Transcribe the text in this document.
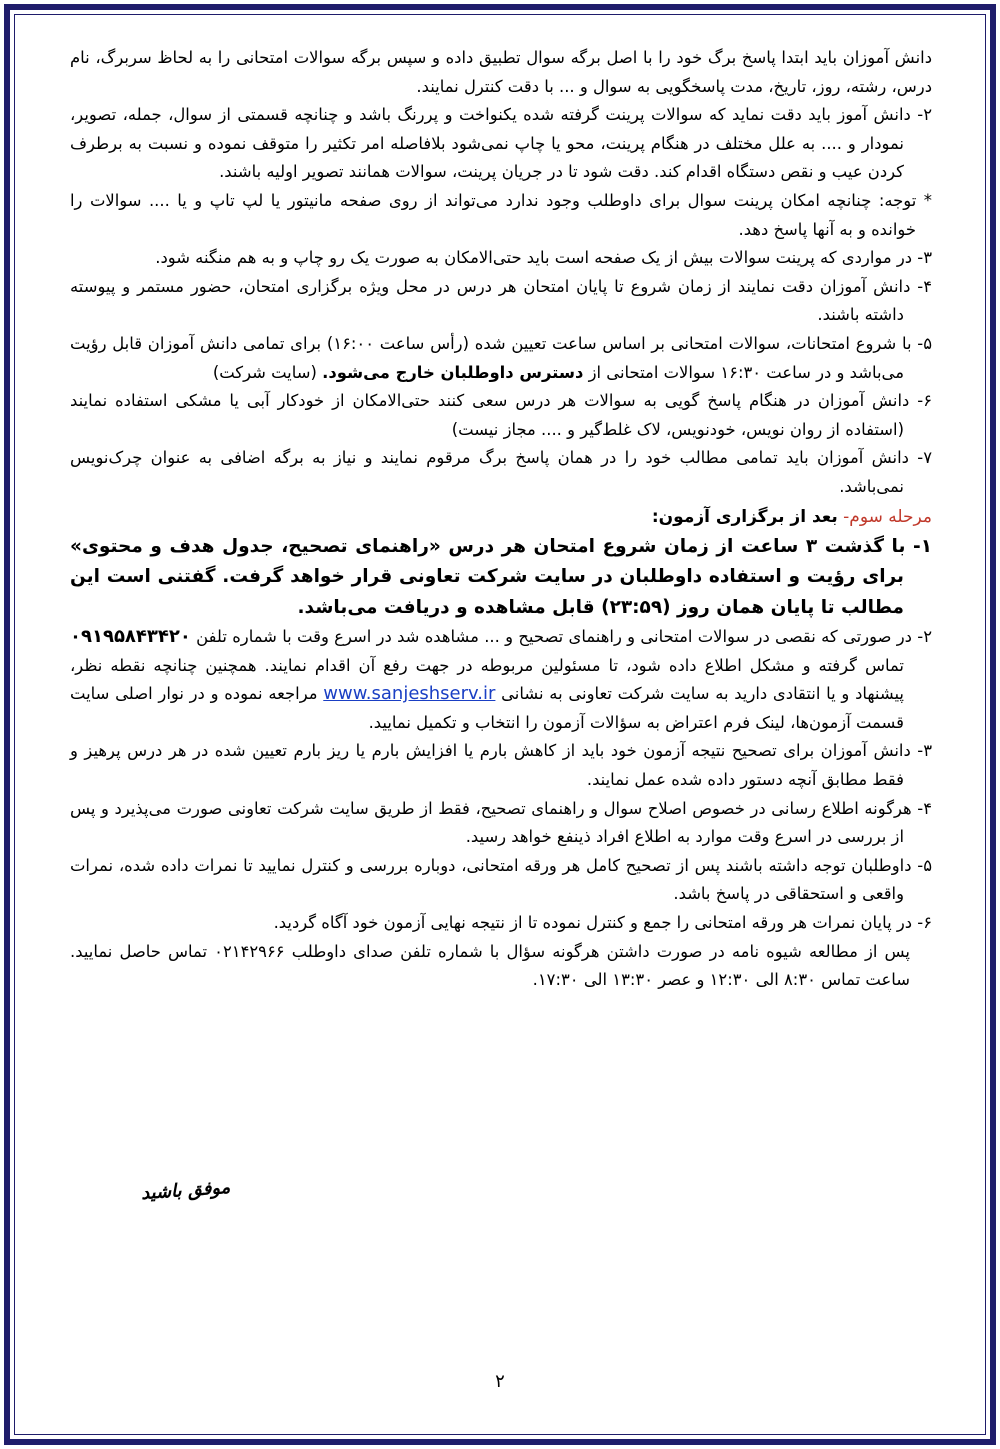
دانش آموزان باید ابتدا پاسخ برگ خود را با اصل برگه سوال تطبیق داده و سپس برگه سوالات امتحانی را به لحاظ سربرگ، نام درس، رشته، روز، تاریخ، مدت پاسخگویی به سوال و ... با دقت کنترل نمایند.

۲- دانش آموز باید دقت نماید که سوالات پرینت گرفته شده یکنواخت و پررنگ باشد و چنانچه قسمتی از سوال، جمله، تصویر، نمودار و .... به علل مختلف در هنگام پرینت، محو یا چاپ نمی‌شود بلافاصله امر تکثیر را متوقف نموده و نسبت به برطرف کردن عیب و نقص دستگاه اقدام کند. دقت شود تا در جریان پرینت، سوالات همانند تصویر اولیه باشند.

* توجه: چنانچه امکان پرینت سوال برای داوطلب وجود ندارد می‌تواند از روی صفحه مانیتور یا لپ تاپ و یا .... سوالات را خوانده و به آنها پاسخ دهد.

۳- در مواردی که پرینت سوالات بیش از یک صفحه است باید حتی‌الامکان به صورت یک رو چاپ و به هم منگنه شود.

۴- دانش آموزان دقت نمایند از زمان شروع تا پایان امتحان هر درس در محل ویژه برگزاری امتحان، حضور مستمر و پیوسته داشته باشند.

۵- با شروع امتحانات، سوالات امتحانی بر اساس ساعت تعیین شده (رأس ساعت ۱۶:۰۰) برای تمامی دانش آموزان قابل رؤیت می‌باشد و در ساعت ۱۶:۳۰ سوالات امتحانی از دسترس داوطلبان خارج می‌شود. (سایت شرکت)

۶- دانش آموزان در هنگام پاسخ گویی به سوالات هر درس سعی کنند حتی‌الامکان از خودکار آبی یا مشکی استفاده نمایند (استفاده از روان نویس، خودنویس، لاک غلط‌گیر و .... مجاز نیست)

۷- دانش آموزان باید تمامی مطالب خود را در همان پاسخ برگ مرقوم نمایند و نیاز به برگه اضافی به عنوان چرک‌نویس نمی‌باشد.

مرحله سوم- بعد از برگزاری آزمون:

۱- با گذشت ۳ ساعت از زمان شروع امتحان هر درس «راهنمای تصحیح، جدول هدف و محتوی» برای رؤیت و استفاده داوطلبان در سایت شرکت تعاونی قرار خواهد گرفت. گفتنی است این مطالب تا پایان همان روز (۲۳:۵۹) قابل مشاهده و دریافت می‌باشد.

۲- در صورتی که نقصی در سوالات امتحانی و راهنمای تصحیح و ... مشاهده شد در اسرع وقت با شماره تلفن ۰۹۱۹۵۸۴۳۴۲۰ تماس گرفته و مشکل اطلاع داده شود، تا مسئولین مربوطه در جهت رفع آن اقدام نمایند. همچنین چنانچه نقطه نظر، پیشنهاد و یا انتقادی دارید به سایت شرکت تعاونی به نشانی www.sanjeshserv.ir مراجعه نموده و در نوار اصلی سایت قسمت آزمون‌ها، لینک فرم اعتراض به سؤالات آزمون را انتخاب و تکمیل نمایید.

۳- دانش آموزان برای تصحیح نتیجه آزمون خود باید از کاهش بارم یا افزایش بارم یا ریز بارم تعیین شده در هر درس پرهیز و فقط مطابق آنچه دستور داده شده عمل نمایند.

۴- هرگونه اطلاع رسانی در خصوص اصلاح سوال و راهنمای تصحیح، فقط از طریق سایت شرکت تعاونی صورت می‌پذیرد و پس از بررسی در اسرع وقت موارد به اطلاع افراد ذینفع خواهد رسید.

۵- داوطلبان توجه داشته باشند پس از تصحیح کامل هر ورقه امتحانی، دوباره بررسی و کنترل نمایید تا نمرات داده شده، نمرات واقعی و استحقاقی در پاسخ باشد.

۶- در پایان نمرات هر ورقه امتحانی را جمع و کنترل نموده تا از نتیجه نهایی آزمون خود آگاه گردید.

پس از مطالعه شیوه نامه در صورت داشتن هرگونه سؤال با شماره تلفن صدای داوطلب ۰۲۱۴۲۹۶۶ تماس حاصل نمایید. ساعت تماس ۸:۳۰ الی ۱۲:۳۰ و عصر ۱۳:۳۰ الی ۱۷:۳۰.

موفق باشید
۲
